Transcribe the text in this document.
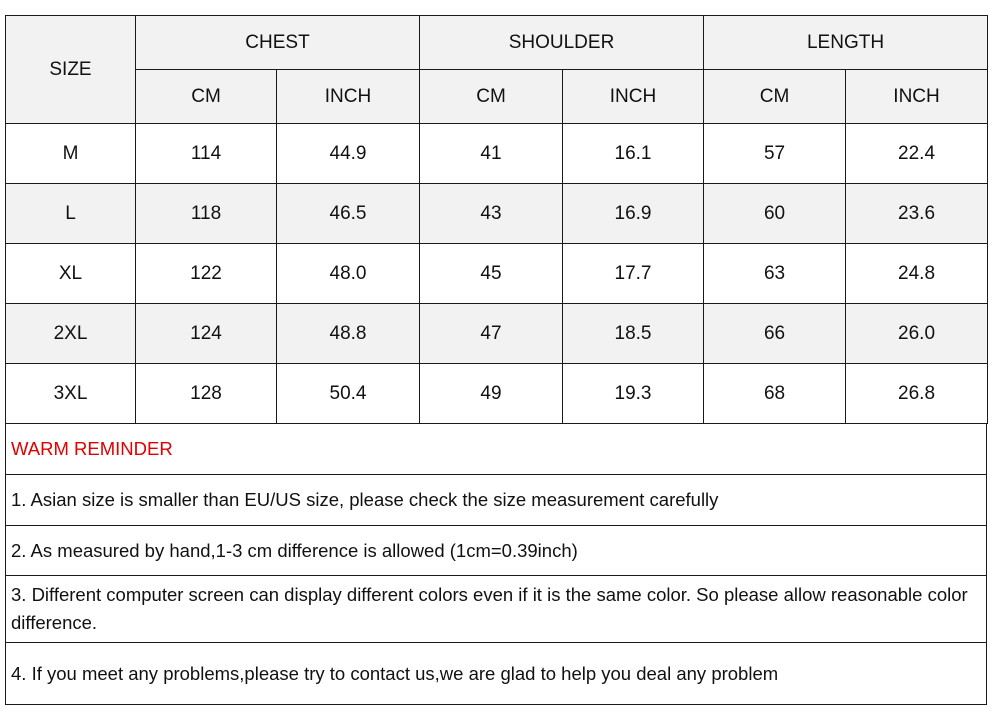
SIZE	CHEST		SHOULDER		LENGTH	
	CM	INCH	CM	INCH	CM	INCH
M	114	44.9	41	16.1	57	22.4
L	118	46.5	43	16.9	60	23.6
XL	122	48.0	45	17.7	63	24.8
2XL	124	48.8	47	18.5	66	26.0
3XL	128	50.4	49	19.3	68	26.8
WARM REMINDER
1. Asian size is smaller than EU/US size, please check the size measurement carefully
2. As measured by hand,1-3 cm difference is allowed (1cm=0.39inch)
3. Different computer screen can display different colors even if it is the same color. So please allow reasonable color difference.
4. If you meet any problems,please try to contact us,we are glad to help you deal any problem
